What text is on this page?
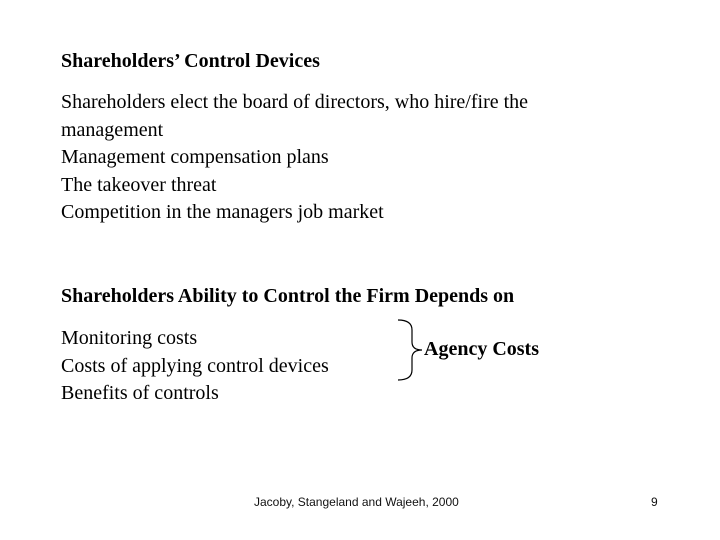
Shareholders’ Control Devices
Shareholders elect the board of directors, who hire/fire the management
Management compensation plans
The takeover threat
Competition in the managers job market
Shareholders Ability to Control the Firm Depends on
Monitoring costs
Costs of applying control devices
Benefits of controls
Agency Costs
Jacoby, Stangeland and Wajeeh, 2000	9
